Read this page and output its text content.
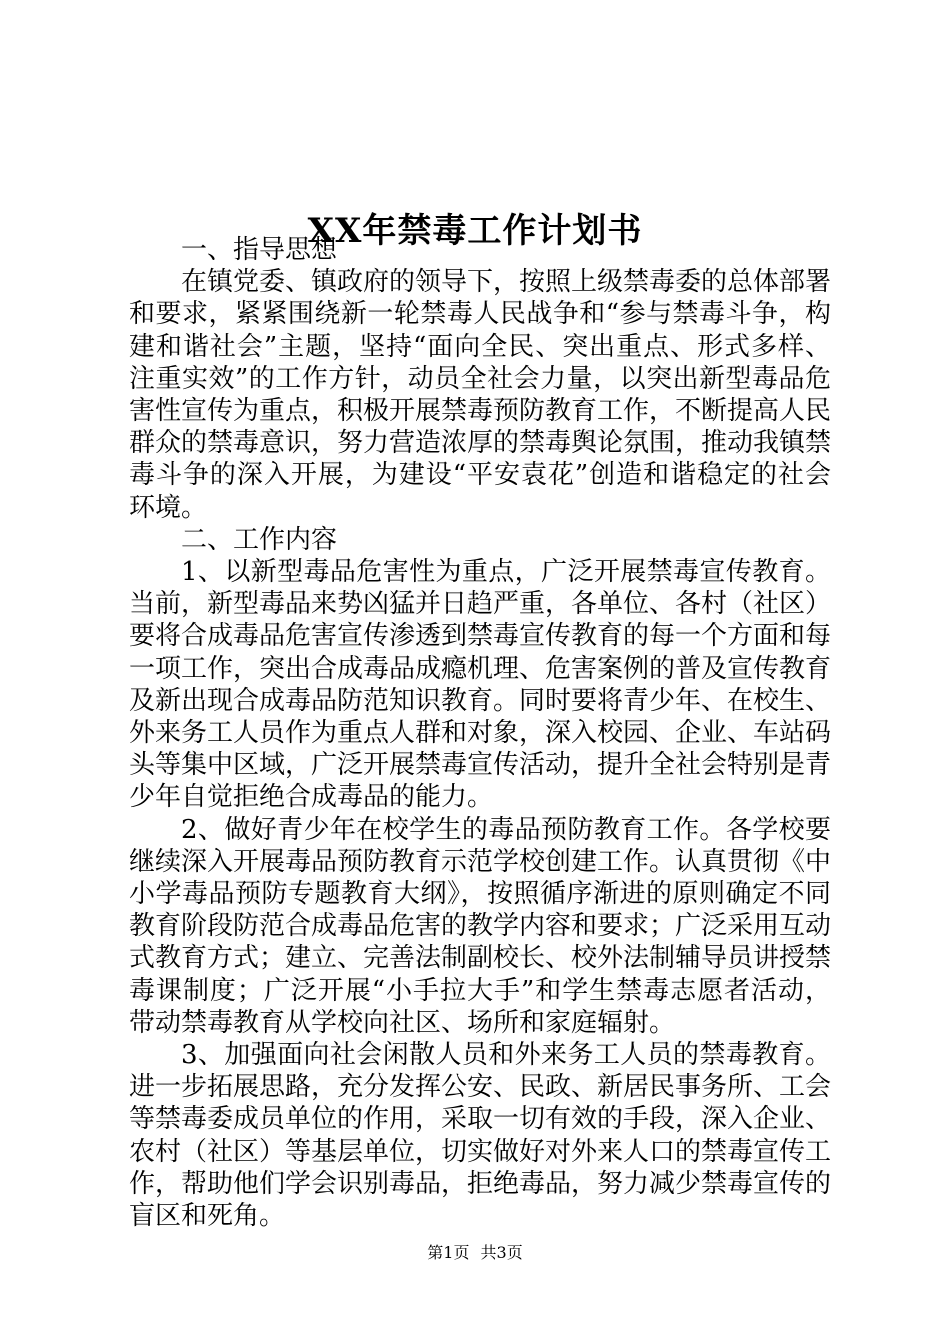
XX年禁毒工作计划书

一、指导思想

在镇党委、镇政府的领导下，按照上级禁毒委的总体部署和要求，紧紧围绕新一轮禁毒人民战争和“参与禁毒斗争，构建和谐社会”主题，坚持“面向全民、突出重点、形式多样、注重实效”的工作方针，动员全社会力量，以突出新型毒品危害性宣传为重点，积极开展禁毒预防教育工作，不断提高人民群众的禁毒意识，努力营造浓厚的禁毒舆论氛围，推动我镇禁毒斗争的深入开展，为建设“平安袁花”创造和谐稳定的社会环境。

二、工作内容

1、以新型毒品危害性为重点，广泛开展禁毒宣传教育。当前，新型毒品来势凶猛并日趋严重，各单位、各村（社区）要将合成毒品危害宣传渗透到禁毒宣传教育的每一个方面和每一项工作，突出合成毒品成瘾机理、危害案例的普及宣传教育及新出现合成毒品防范知识教育。同时要将青少年、在校生、外来务工人员作为重点人群和对象，深入校园、企业、车站码头等集中区域，广泛开展禁毒宣传活动，提升全社会特别是青少年自觉拒绝合成毒品的能力。

2、做好青少年在校学生的毒品预防教育工作。各学校要继续深入开展毒品预防教育示范学校创建工作。认真贯彻《中小学毒品预防专题教育大纲》，按照循序渐进的原则确定不同教育阶段防范合成毒品危害的教学内容和要求；广泛采用互动式教育方式；建立、完善法制副校长、校外法制辅导员讲授禁毒课制度；广泛开展“小手拉大手”和学生禁毒志愿者活动，带动禁毒教育从学校向社区、场所和家庭辐射。

3、加强面向社会闲散人员和外来务工人员的禁毒教育。进一步拓展思路，充分发挥公安、民政、新居民事务所、工会等禁毒委成员单位的作用，采取一切有效的手段，深入企业、农村（社区）等基层单位，切实做好对外来人口的禁毒宣传工作，帮助他们学会识别毒品，拒绝毒品，努力减少禁毒宣传的盲区和死角。

第1页 共3页
